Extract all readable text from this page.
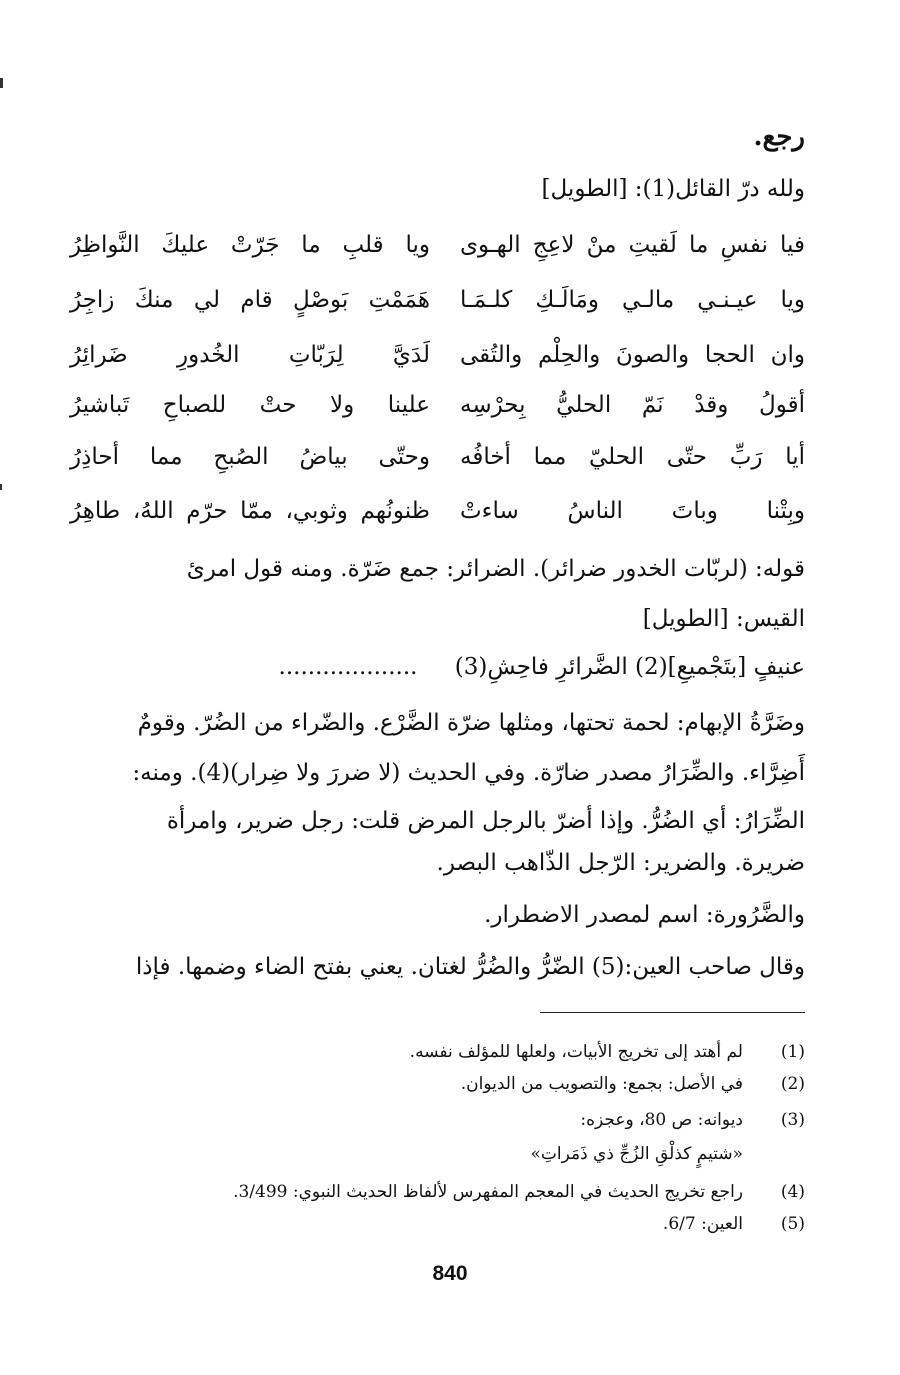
رجع.
ولله درّ القائل(1): [الطويل]
فيا نفسِ ما لَقيتِ منْ لاعِجِ الهـوى
ويا قلبِ ما جَرّتْ عليكَ النَّواظِرُ
ويا عيـنـي مالـي ومَالَـكِ كلـمَـا
هَمَمْتِ بَوصْلٍ قام لي منكَ زاجِرُ
وان الحجا والصونَ والحِلْم والتُقى
لَدَيَّ لِرَبّاتِ الخُدورِ ضَرائِرُ
أقولُ وقدْ نَمّ الحليُّ بِحرْسِه
علينا ولا حتْ للصباحِ تَباشيرُ
أيا رَبِّ حتّى الحليّ مما أخافُه
وحتّى بياضُ الصُبحِ مما أحاذِرُ
وبِتْنا وباتَ الناسُ ساءتْ
ظنونُهم وثوبي، ممّا حرّم اللهُ، طاهِرُ
قوله: (لربّات الخدور ضرائر). الضرائر: جمع ضَرّة. ومنه قول امرئ
القيس: [الطويل]
عنيفٍ [بتَجْميعِ](2) الضَّرائرِ فاحِشِ(3) ...................
وضَرَّةُ الإبهام: لحمة تحتها، ومثلها ضرّة الضَّرْع. والضّراء من الضُرّ. وقومٌ
أَضِرَّاء. والضِّرَارُ مصدر ضارّة. وفي الحديث (لا ضررَ ولا ضِرار)(4). ومنه:
الضِّرَارُ: أي الضُرُّ. وإذا أضرّ بالرجل المرض قلت: رجل ضرير، وامرأة
ضريرة. والضرير: الرّجل الذّاهب البصر.
والضَّرُورة: اسم لمصدر الاضطرار.
وقال صاحب العين:(5) الضّرُّ والضُرُّ لغتان. يعني بفتح الضاء وضمها. فإذا
(1)
لم أهتد إلى تخريج الأبيات، ولعلها للمؤلف نفسه.
(2)
في الأصل: بجمع: والتصويب من الديوان.
(3)
ديوانه: ص 80، وعجزه:
«شتيمٍ كذلْقِ الزُجِّ ذي ذَمَراتِ»
(4)
راجع تخريج الحديث في المعجم المفهرس لألفاظ الحديث النبوي: 3/499.
(5)
العين: 6/7.
840
